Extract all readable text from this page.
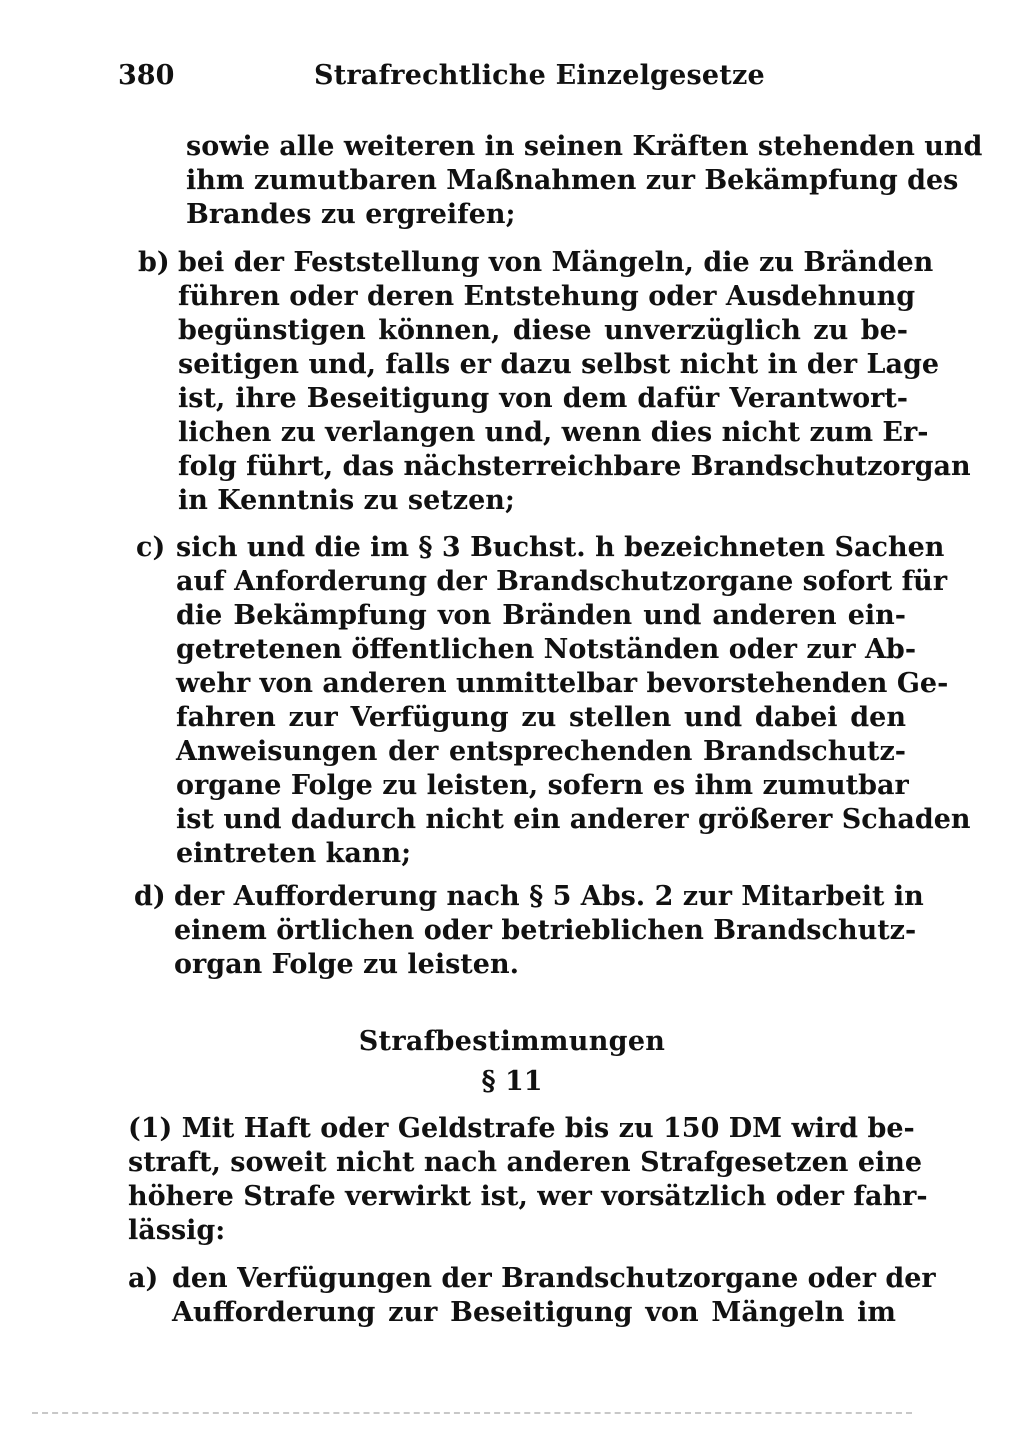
380	Strafrechtliche Einzelgesetze
sowie alle weiteren in seinen Kräften stehenden und
ihm zumutbaren Maßnahmen zur Bekämpfung des
Brandes zu ergreifen;
b) bei der Feststellung von Mängeln, die zu Bränden
führen oder deren Entstehung oder Ausdehnung
begünstigen können, diese unverzüglich zu be-
seitigen und, falls er dazu selbst nicht in der Lage
ist, ihre Beseitigung von dem dafür Verantwort-
lichen zu verlangen und, wenn dies nicht zum Er-
folg führt, das nächsterreichbare Brandschutzorgan
in Kenntnis zu setzen;
c) sich und die im § 3 Buchst. h bezeichneten Sachen
auf Anforderung der Brandschutzorgane sofort für
die Bekämpfung von Bränden und anderen ein-
getretenen öffentlichen Notständen oder zur Ab-
wehr von anderen unmittelbar bevorstehenden Ge-
fahren zur Verfügung zu stellen und dabei den
Anweisungen der entsprechenden Brandschutz-
organe Folge zu leisten, sofern es ihm zumutbar
ist und dadurch nicht ein anderer größerer Schaden
eintreten kann;
d) der Aufforderung nach § 5 Abs. 2 zur Mitarbeit in
einem örtlichen oder betrieblichen Brandschutz-
organ Folge zu leisten.
Strafbestimmungen
§ 11
(1) Mit Haft oder Geldstrafe bis zu 150 DM wird be-
straft, soweit nicht nach anderen Strafgesetzen eine
höhere Strafe verwirkt ist, wer vorsätzlich oder fahr-
lässig:
a) den Verfügungen der Brandschutzorgane oder der
Aufforderung zur Beseitigung von Mängeln im
